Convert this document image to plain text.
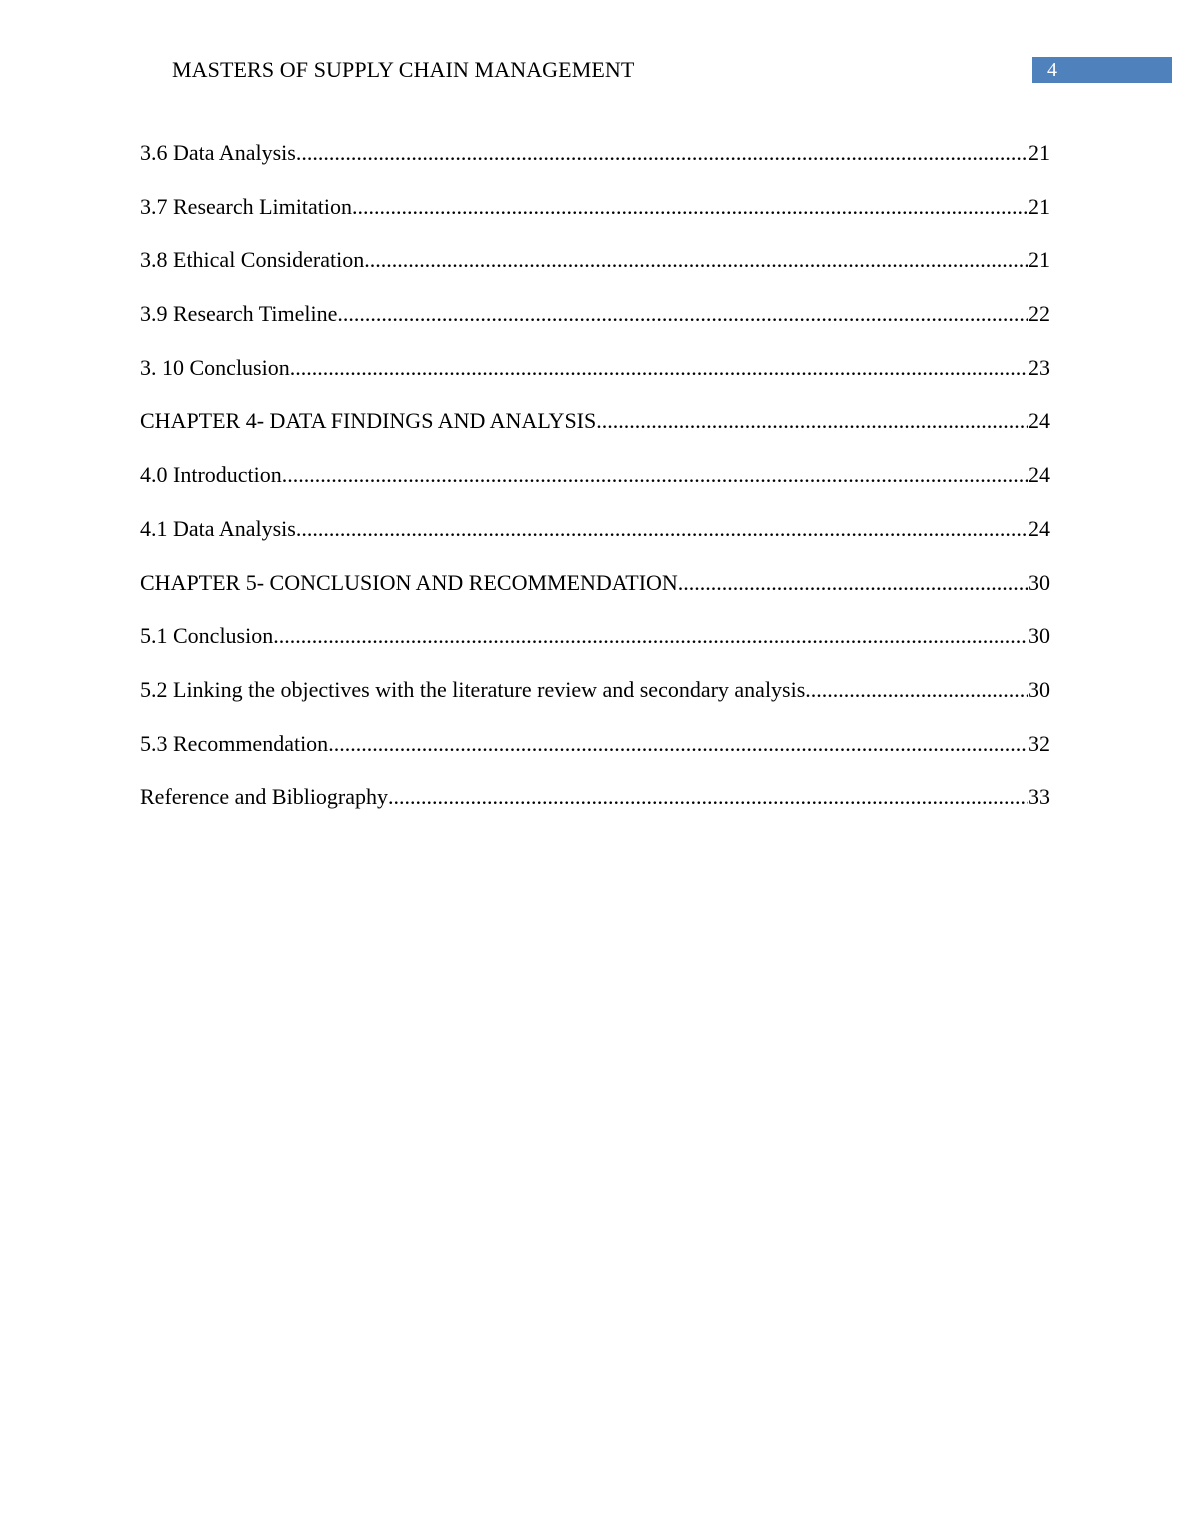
MASTERS OF SUPPLY CHAIN MANAGEMENT	4
3.6 Data Analysis .....	21
3.7 Research Limitation .....	21
3.8 Ethical Consideration .....	21
3.9 Research Timeline .....	22
3. 10 Conclusion .....	23
CHAPTER 4- DATA FINDINGS AND ANALYSIS .....	24
4.0 Introduction .....	24
4.1 Data Analysis .....	24
CHAPTER 5- CONCLUSION AND RECOMMENDATION .....	30
5.1 Conclusion .....	30
5.2 Linking the objectives with the literature review and secondary analysis .....	30
5.3 Recommendation .....	32
Reference and Bibliography .....	33
